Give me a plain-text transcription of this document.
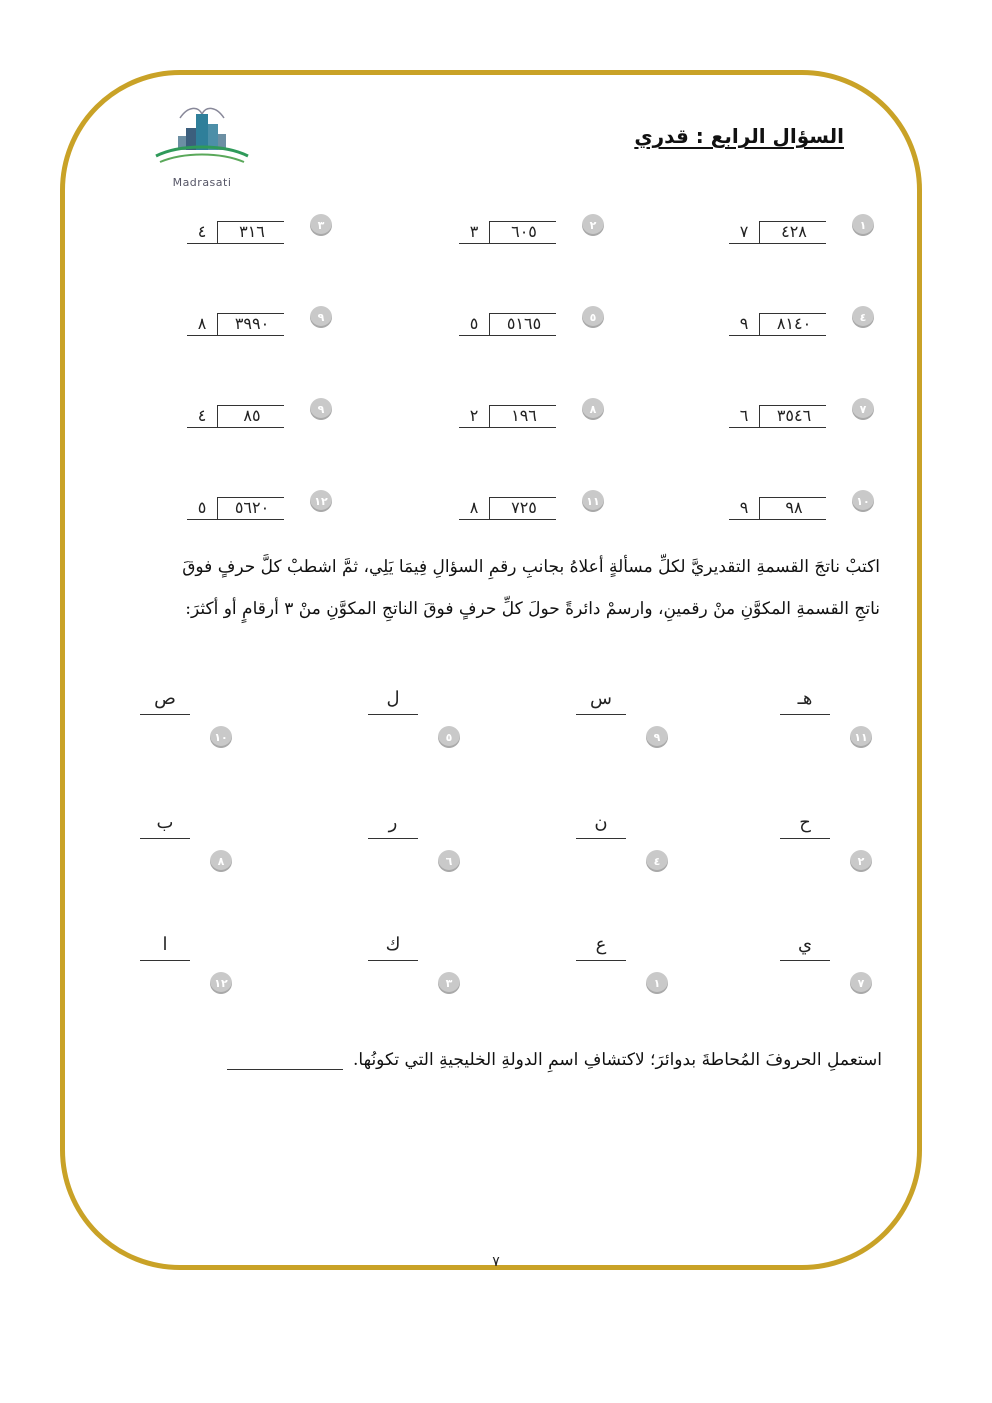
Madrasati
السؤال الرابع : قدري
١
٧	٤٢٨
٢
٣	٦٠٥
٣
٤	٣١٦
٤
٩	٨١٤٠
٥
٥	٥١٦٥
٩
٨	٣٩٩٠
٧
٦	٣٥٤٦
٨
٢	١٩٦
٩
٤	٨٥
١٠
٩	٩٨
١١
٨	٧٢٥
١٢
٥	٥٦٢٠
اكتبْ ناتجَ القسمةِ التقديريَّ لكلِّ مسألةٍ أعلاهُ بجانبِ رقمِ السؤالِ فِيمَا يَلِي، ثمَّ اشطبْ كلَّ حرفٍ فوقَ
ناتجِ القسمةِ المكوَّنِ منْ رقمينِ، وارسمْ دائرةً حولَ كلِّ حرفٍ فوقَ الناتجِ المكوَّنِ منْ ٣ أرقامٍ أو أكثرَ:
هـ
١١
س
٩
ل
٥
ص
١٠
ح
٢
ن
٤
ر
٦
ب
٨
ي
٧
ع
١
ك
٣
ا
١٢
استعملِ الحروفَ المُحاطةَ بدوائرَ؛ لاكتشافِ اسمِ الدولةِ الخليجيةِ التي تكونُها.
٧
